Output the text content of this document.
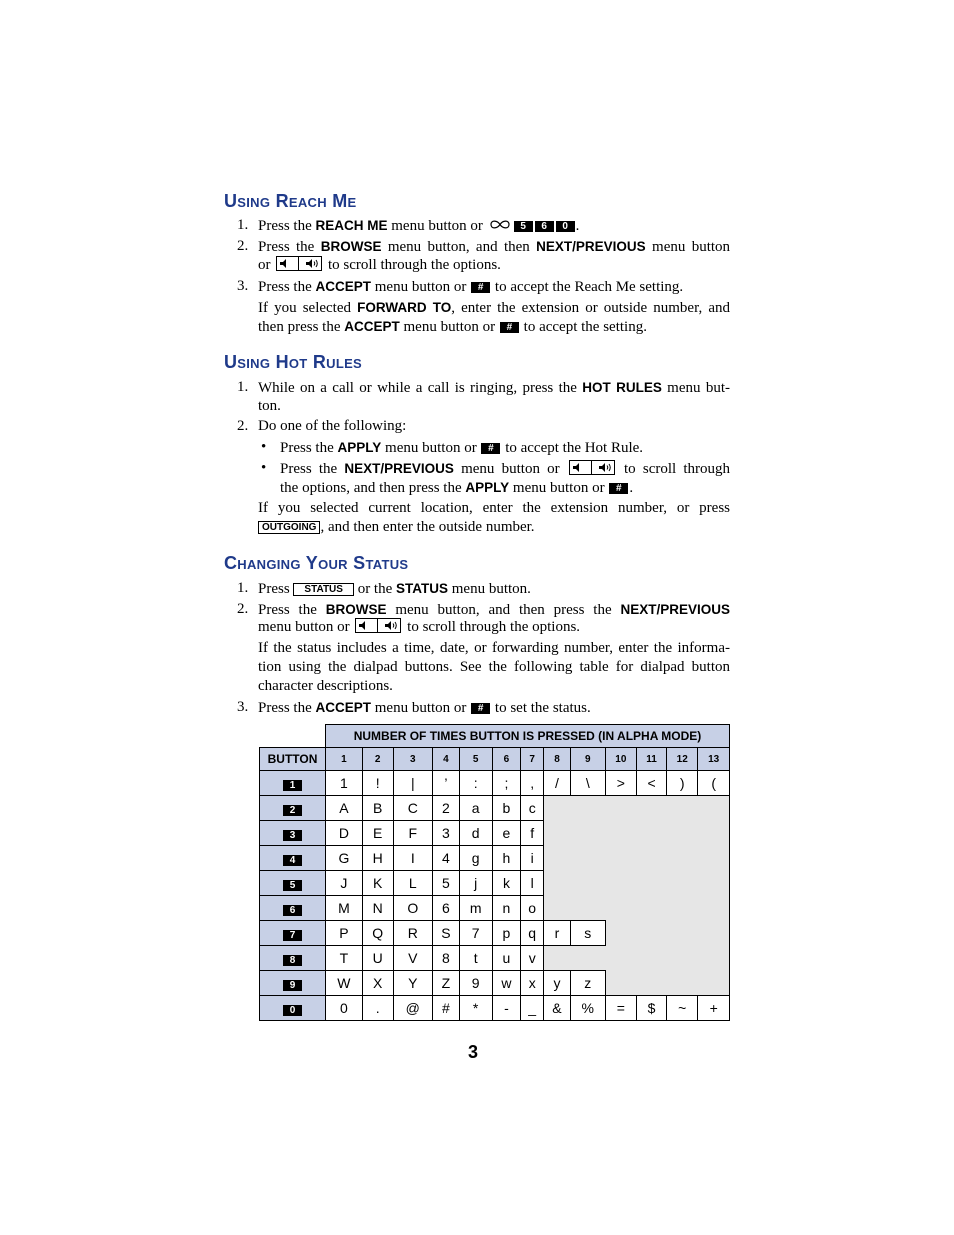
Using Reach Me
1. Press the REACH ME menu button or	5 6 0 .
2. Press the BROWSE menu button, and then NEXT/PREVIOUS menu button
or	to scroll through the options.
3. Press the ACCEPT menu button or # to accept the Reach Me setting.
If you selected FORWARD TO, enter the extension or outside number, and
then press the ACCEPT menu button or # to accept the setting.
Using Hot Rules
1. While on a call or while a call is ringing, press the HOT RULES menu but-
ton.
2. Do one of the following:
• Press the APPLY menu button or # to accept the Hot Rule.
• Press the NEXT/PREVIOUS menu button or	to scroll through
the options, and then press the APPLY menu button or # .
If you selected current location, enter the extension number, or press
OUTGOING , and then enter the outside number.
Changing Your Status
1. Press STATUS or the STATUS menu button.
2. Press the BROWSE menu button, and then press the NEXT/PREVIOUS
menu button or	to scroll through the options.
If the status includes a time, date, or forwarding number, enter the informa-
tion using the dialpad buttons. See the following table for dialpad button
character descriptions.
3. Press the ACCEPT menu button or # to set the status.
	NUMBER OF TIMES BUTTON IS PRESSED (IN ALPHA MODE)												
BUTTON	1	2	3	4	5	6	7	8	9	10	11	12	13
1	1	!	|	’	:	;	,	/	\	>	<	)	(
2	A	B	C	2	a	b	c						
3	D	E	F	3	d	e	f						
4	G	H	I	4	g	h	i						
5	J	K	L	5	j	k	l						
6	M	N	O	6	m	n	o						
7	P	Q	R	S	7	p	q	r	s				
8	T	U	V	8	t	u	v						
9	W	X	Y	Z	9	w	x	y	z				
0	0	.	@	#	*	-	_	&	%	=	$	~	+
3
